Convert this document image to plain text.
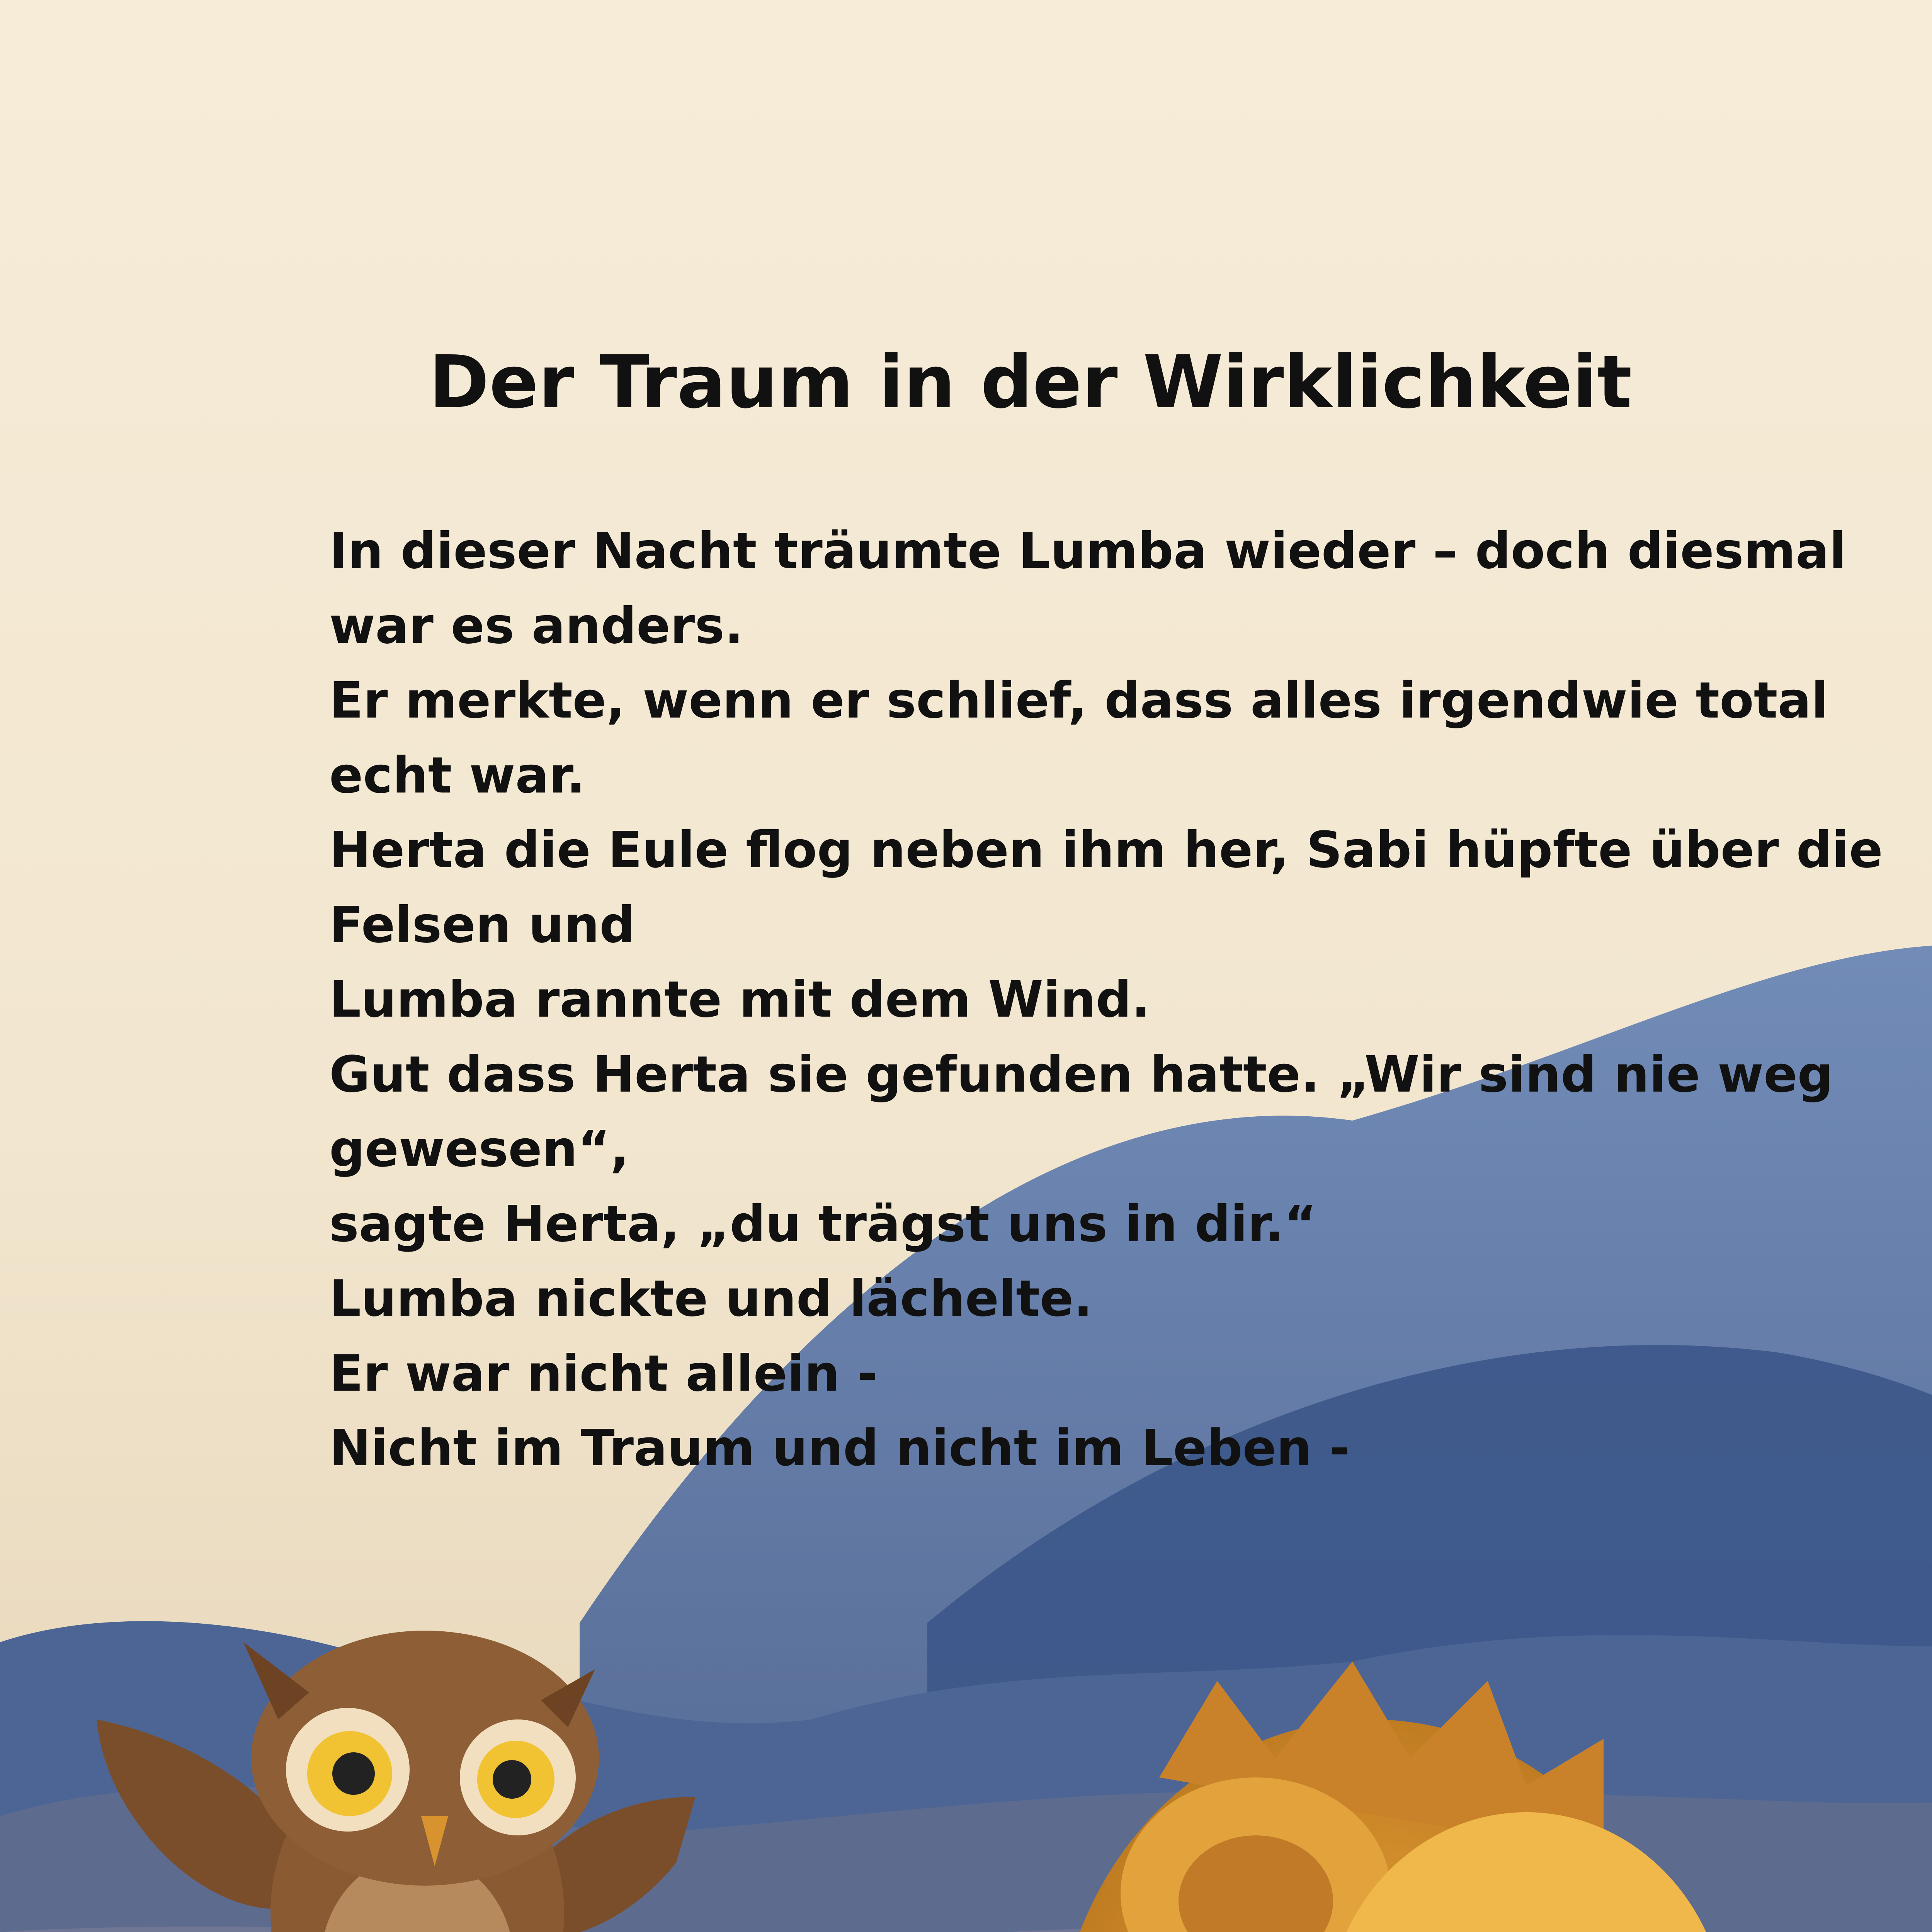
Der Traum in der Wirklichkeit
In dieser Nacht träumte Lumba wieder – doch diesmal
war es anders.
Er merkte, wenn er schlief, dass alles irgendwie total
echt war.
Herta die Eule flog neben ihm her, Sabi hüpfte über die
Felsen und
Lumba rannte mit dem Wind.
Gut dass Herta sie gefunden hatte. „Wir sind nie weg
gewesen“,
sagte Herta, „du trägst uns in dir.“
Lumba nickte und lächelte.
Er war nicht allein -
Nicht im Traum und nicht im Leben -
